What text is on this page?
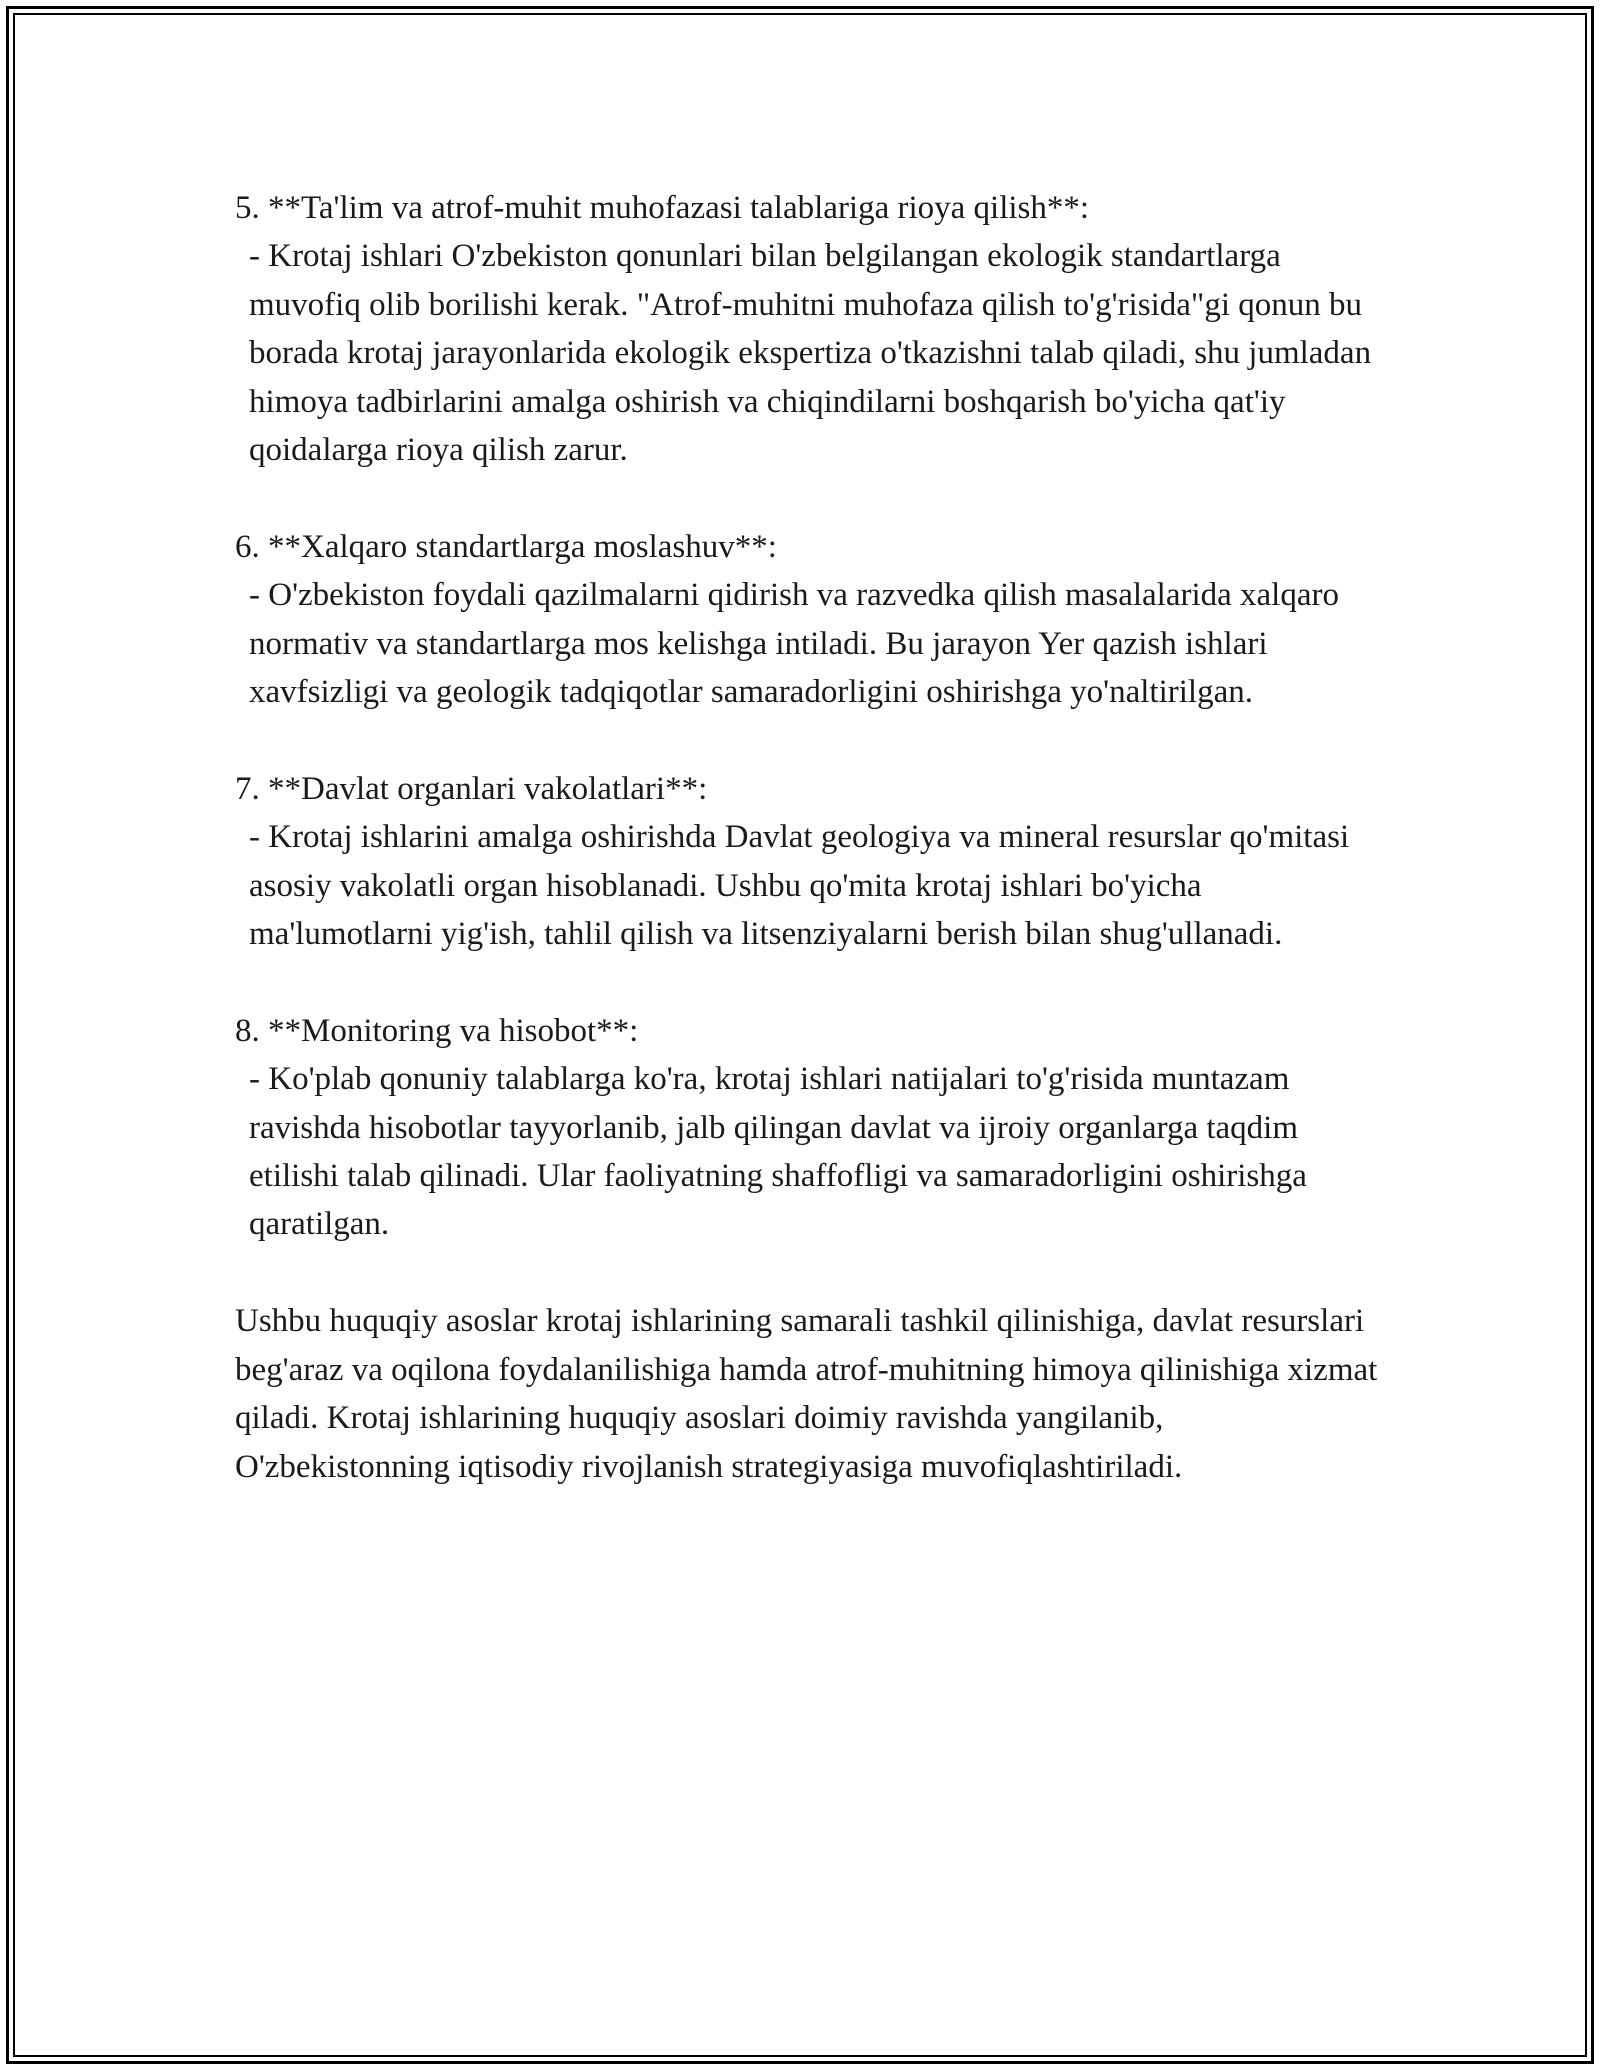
5. **Ta'lim va atrof-muhit muhofazasi talablariga rioya qilish**:

- Krotaj ishlari O'zbekiston qonunlari bilan belgilangan ekologik standartlarga muvofiq olib borilishi kerak. "Atrof-muhitni muhofaza qilish to'g'risida"gi qonun bu borada krotaj jarayonlarida ekologik ekspertiza o'tkazishni talab qiladi, shu jumladan himoya tadbirlarini amalga oshirish va chiqindilarni boshqarish bo'yicha qat'iy qoidalarga rioya qilish zarur.

6. **Xalqaro standartlarga moslashuv**:

- O'zbekiston foydali qazilmalarni qidirish va razvedka qilish masalalarida xalqaro normativ va standartlarga mos kelishga intiladi. Bu jarayon Yer qazish ishlari xavfsizligi va geologik tadqiqotlar samaradorligini oshirishga yo'naltirilgan.

7. **Davlat organlari vakolatlari**:

- Krotaj ishlarini amalga oshirishda Davlat geologiya va mineral resurslar qo'mitasi asosiy vakolatli organ hisoblanadi. Ushbu qo'mita krotaj ishlari bo'yicha ma'lumotlarni yig'ish, tahlil qilish va litsenziyalarni berish bilan shug'ullanadi.

8. **Monitoring va hisobot**:

- Ko'plab qonuniy talablarga ko'ra, krotaj ishlari natijalari to'g'risida muntazam ravishda hisobotlar tayyorlanib, jalb qilingan davlat va ijroiy organlarga taqdim etilishi talab qilinadi. Ular faoliyatning shaffofligi va samaradorligini oshirishga qaratilgan.

Ushbu huquqiy asoslar krotaj ishlarining samarali tashkil qilinishiga, davlat resurslari beg'araz va oqilona foydalanilishiga hamda atrof-muhitning himoya qilinishiga xizmat qiladi. Krotaj ishlarining huquqiy asoslari doimiy ravishda yangilanib, O'zbekistonning iqtisodiy rivojlanish strategiyasiga muvofiqlashtiriladi.
